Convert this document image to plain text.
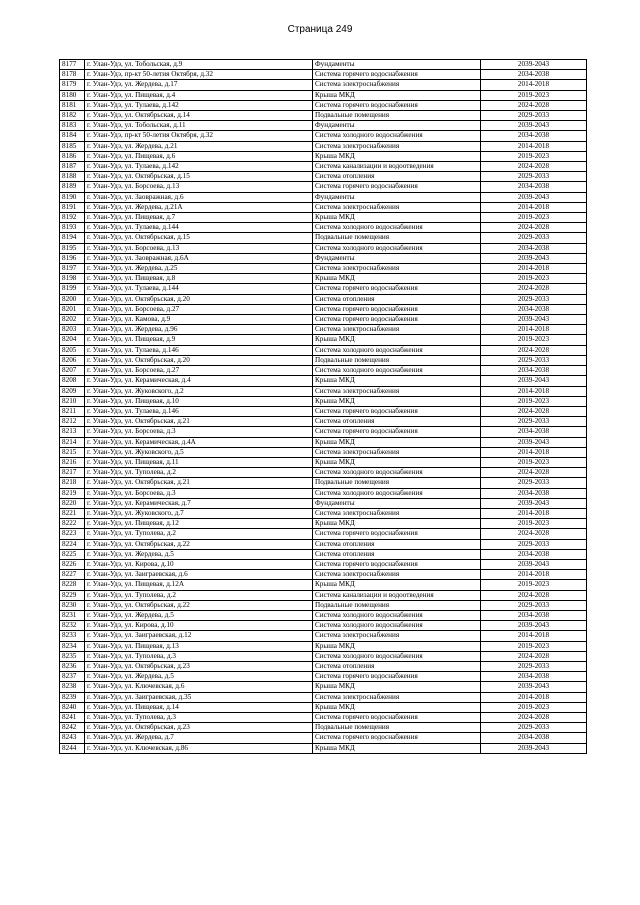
Страница 249
8177	г. Улан-Удэ, ул. Тобольская, д.9	Фундаменты	2039-2043
8178	г. Улан-Удэ, пр-кт 50-летия Октября, д.32	Система горячего водоснабжения	2034-2038
8179	г. Улан-Удэ, ул. Жердева, д.17	Система электроснабжения	2014-2018
8180	г. Улан-Удэ, ул. Пищевая, д.4	Крыша МКД	2019-2023
8181	г. Улан-Удэ, ул. Тулаева, д.142	Система горячего водоснабжения	2024-2028
8182	г. Улан-Удэ, ул. Октябрьская, д.14	Подвальные помещения	2029-2033
8183	г. Улан-Удэ, ул. Тобольская, д.11	Фундаменты	2039-2043
8184	г. Улан-Удэ, пр-кт 50-летия Октября, д.32	Система холодного водоснабжения	2034-2038
8185	г. Улан-Удэ, ул. Жердева, д.21	Система электроснабжения	2014-2018
8186	г. Улан-Удэ, ул. Пищевая, д.6	Крыша МКД	2019-2023
8187	г. Улан-Удэ, ул. Тулаева, д.142	Система канализации и водоотведения	2024-2028
8188	г. Улан-Удэ, ул. Октябрьская, д.15	Система отопления	2029-2033
8189	г. Улан-Удэ, ул. Борсоева, д.13	Система горячего водоснабжения	2034-2038
8190	г. Улан-Удэ, ул. Заовражная, д.6	Фундаменты	2039-2043
8191	г. Улан-Удэ, ул. Жердева, д.21А	Система электроснабжения	2014-2018
8192	г. Улан-Удэ, ул. Пищевая, д.7	Крыша МКД	2019-2023
8193	г. Улан-Удэ, ул. Тулаева, д.144	Система холодного водоснабжения	2024-2028
8194	г. Улан-Удэ, ул. Октябрьская, д.15	Подвальные помещения	2029-2033
8195	г. Улан-Удэ, ул. Борсоева, д.13	Система холодного водоснабжения	2034-2038
8196	г. Улан-Удэ, ул. Заовражная, д.6А	Фундаменты	2039-2043
8197	г. Улан-Удэ, ул. Жердева, д.25	Система электроснабжения	2014-2018
8198	г. Улан-Удэ, ул. Пищевая, д.8	Крыша МКД	2019-2023
8199	г. Улан-Удэ, ул. Тулаева, д.144	Система горячего водоснабжения	2024-2028
8200	г. Улан-Удэ, ул. Октябрьская, д.20	Система отопления	2029-2033
8201	г. Улан-Удэ, ул. Борсоева, д.27	Система горячего водоснабжения	2034-2038
8202	г. Улан-Удэ, ул. Камова, д.9	Система горячего водоснабжения	2039-2043
8203	г. Улан-Удэ, ул. Жердева, д.96	Система электроснабжения	2014-2018
8204	г. Улан-Удэ, ул. Пищевая, д.9	Крыша МКД	2019-2023
8205	г. Улан-Удэ, ул. Тулаева, д.146	Система холодного водоснабжения	2024-2028
8206	г. Улан-Удэ, ул. Октябрьская, д.20	Подвальные помещения	2029-2033
8207	г. Улан-Удэ, ул. Борсоева, д.27	Система холодного водоснабжения	2034-2038
8208	г. Улан-Удэ, ул. Керамическая, д.4	Крыша МКД	2039-2043
8209	г. Улан-Удэ, ул. Жуковского, д.2	Система электроснабжения	2014-2018
8210	г. Улан-Удэ, ул. Пищевая, д.10	Крыша МКД	2019-2023
8211	г. Улан-Удэ, ул. Тулаева, д.146	Система горячего водоснабжения	2024-2028
8212	г. Улан-Удэ, ул. Октябрьская, д.21	Система отопления	2029-2033
8213	г. Улан-Удэ, ул. Борсоева, д.3	Система горячего водоснабжения	2034-2038
8214	г. Улан-Удэ, ул. Керамическая, д.4А	Крыша МКД	2039-2043
8215	г. Улан-Удэ, ул. Жуковского, д.5	Система электроснабжения	2014-2018
8216	г. Улан-Удэ, ул. Пищевая, д.11	Крыша МКД	2019-2023
8217	г. Улан-Удэ, ул. Туполева, д.2	Система холодного водоснабжения	2024-2028
8218	г. Улан-Удэ, ул. Октябрьская, д.21	Подвальные помещения	2029-2033
8219	г. Улан-Удэ, ул. Борсоева, д.3	Система холодного водоснабжения	2034-2038
8220	г. Улан-Удэ, ул. Керамическая, д.7	Фундаменты	2039-2043
8221	г. Улан-Удэ, ул. Жуковского, д.7	Система электроснабжения	2014-2018
8222	г. Улан-Удэ, ул. Пищевая, д.12	Крыша МКД	2019-2023
8223	г. Улан-Удэ, ул. Туполева, д.2	Система горячего водоснабжения	2024-2028
8224	г. Улан-Удэ, ул. Октябрьская, д.22	Система отопления	2029-2033
8225	г. Улан-Удэ, ул. Жердева, д.5	Система отопления	2034-2038
8226	г. Улан-Удэ, ул. Кирова, д.10	Система горячего водоснабжения	2039-2043
8227	г. Улан-Удэ, ул. Заиграевская, д.6	Система электроснабжения	2014-2018
8228	г. Улан-Удэ, ул. Пищевая, д.12А	Крыша МКД	2019-2023
8229	г. Улан-Удэ, ул. Туполева, д.2	Система канализации и водоотведения	2024-2028
8230	г. Улан-Удэ, ул. Октябрьская, д.22	Подвальные помещения	2029-2033
8231	г. Улан-Удэ, ул. Жердева, д.5	Система холодного водоснабжения	2034-2038
8232	г. Улан-Удэ, ул. Кирова, д.10	Система холодного водоснабжения	2039-2043
8233	г. Улан-Удэ, ул. Заиграевская, д.12	Система электроснабжения	2014-2018
8234	г. Улан-Удэ, ул. Пищевая, д.13	Крыша МКД	2019-2023
8235	г. Улан-Удэ, ул. Туполева, д.3	Система холодного водоснабжения	2024-2028
8236	г. Улан-Удэ, ул. Октябрьская, д.23	Система отопления	2029-2033
8237	г. Улан-Удэ, ул. Жердева, д.5	Система горячего водоснабжения	2034-2038
8238	г. Улан-Удэ, ул. Ключевская, д.6	Крыша МКД	2039-2043
8239	г. Улан-Удэ, ул. Заиграевская, д.35	Система электроснабжения	2014-2018
8240	г. Улан-Удэ, ул. Пищевая, д.14	Крыша МКД	2019-2023
8241	г. Улан-Удэ, ул. Туполева, д.3	Система горячего водоснабжения	2024-2028
8242	г. Улан-Удэ, ул. Октябрьская, д.23	Подвальные помещения	2029-2033
8243	г. Улан-Удэ, ул. Жердева, д.7	Система горячего водоснабжения	2034-2038
8244	г. Улан-Удэ, ул. Ключевская, д.86	Крыша МКД	2039-2043
